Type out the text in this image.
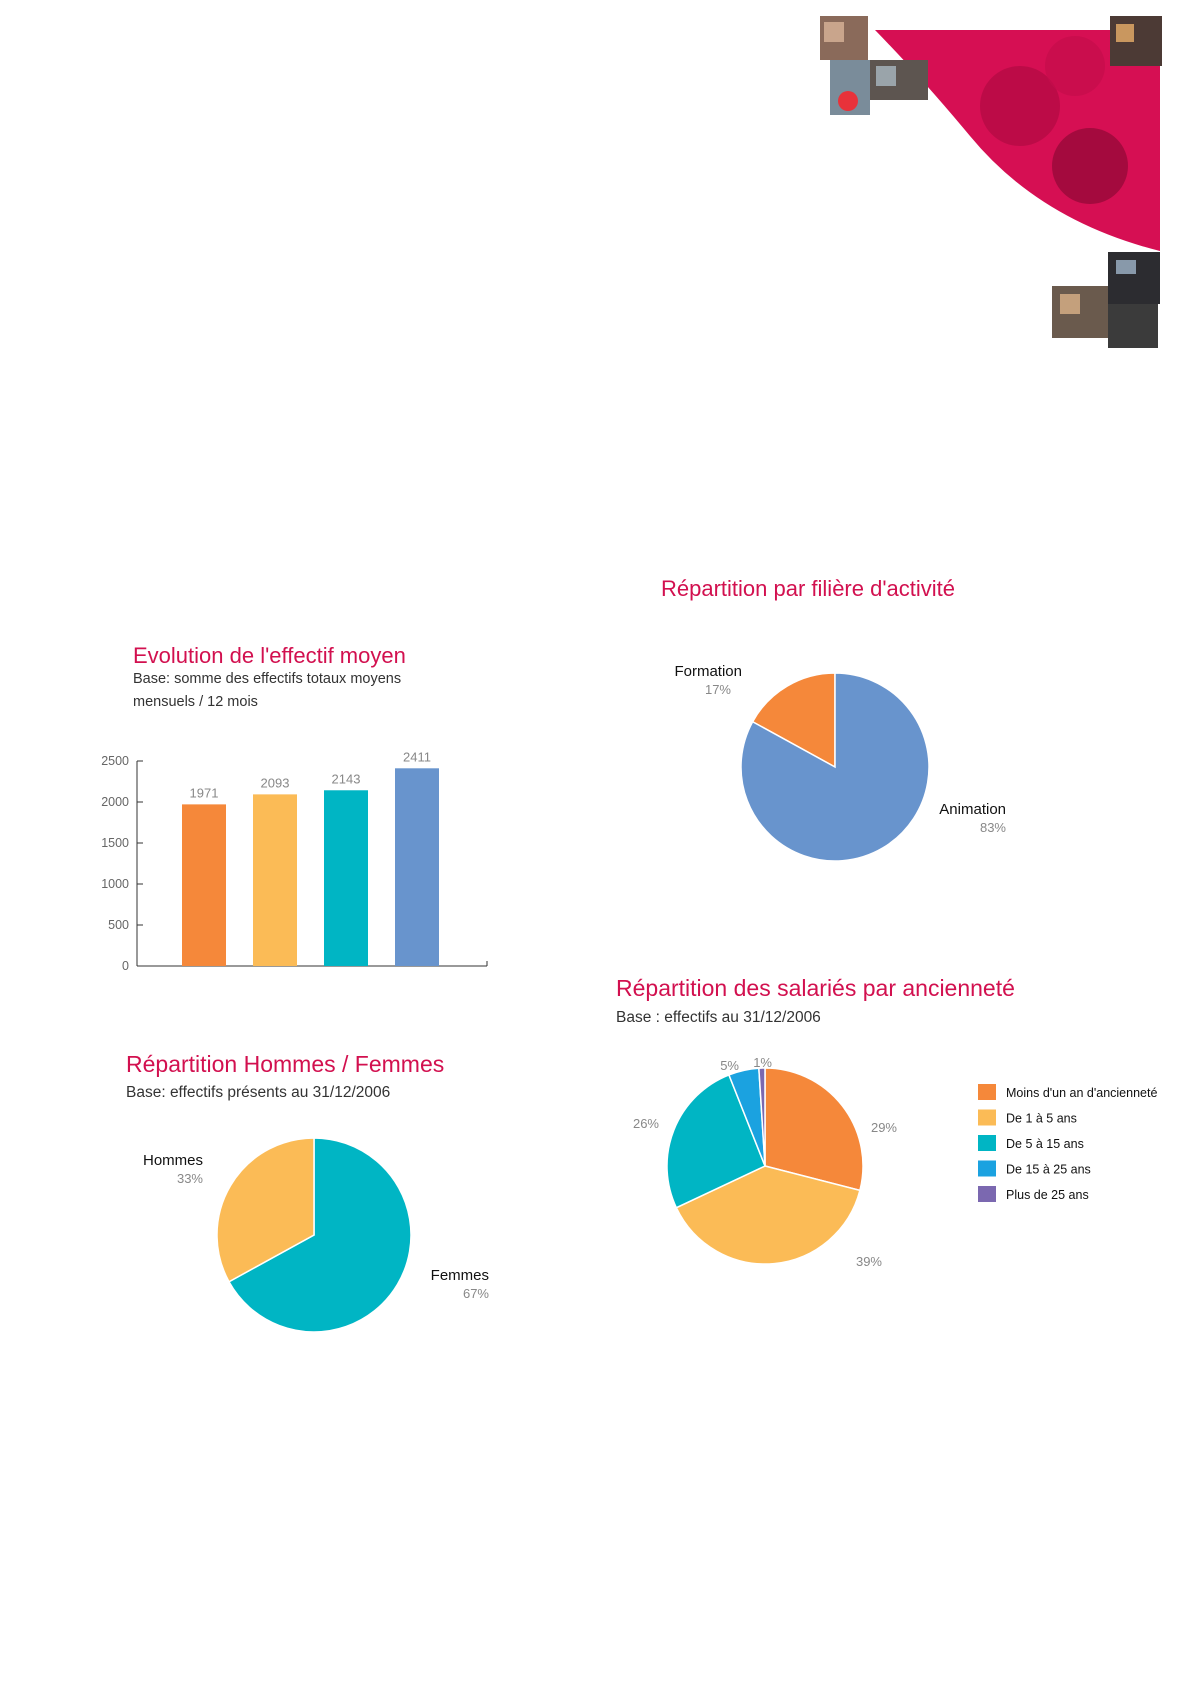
Evolution de l'effectif moyen
Base: somme des effectifs totaux moyens
mensuels / 12 mois
0
500
1000
1500
2000
2500
1971
2093	2143
2411
Répartition par filière d'activité
Formation
17%
Animation
83%
Répartition Hommes / Femmes
Base: effectifs présents au 31/12/2006
Hommes
33%
Femmes
67%
Répartition des salariés par ancienneté
Base : effectifs au 31/12/2006
29%
39%
26%
5% 1%
Moins d'un an d'ancienneté
De 1 à 5 ans
De 5 à 15 ans
De 15 à 25 ans
Plus de 25 ans
